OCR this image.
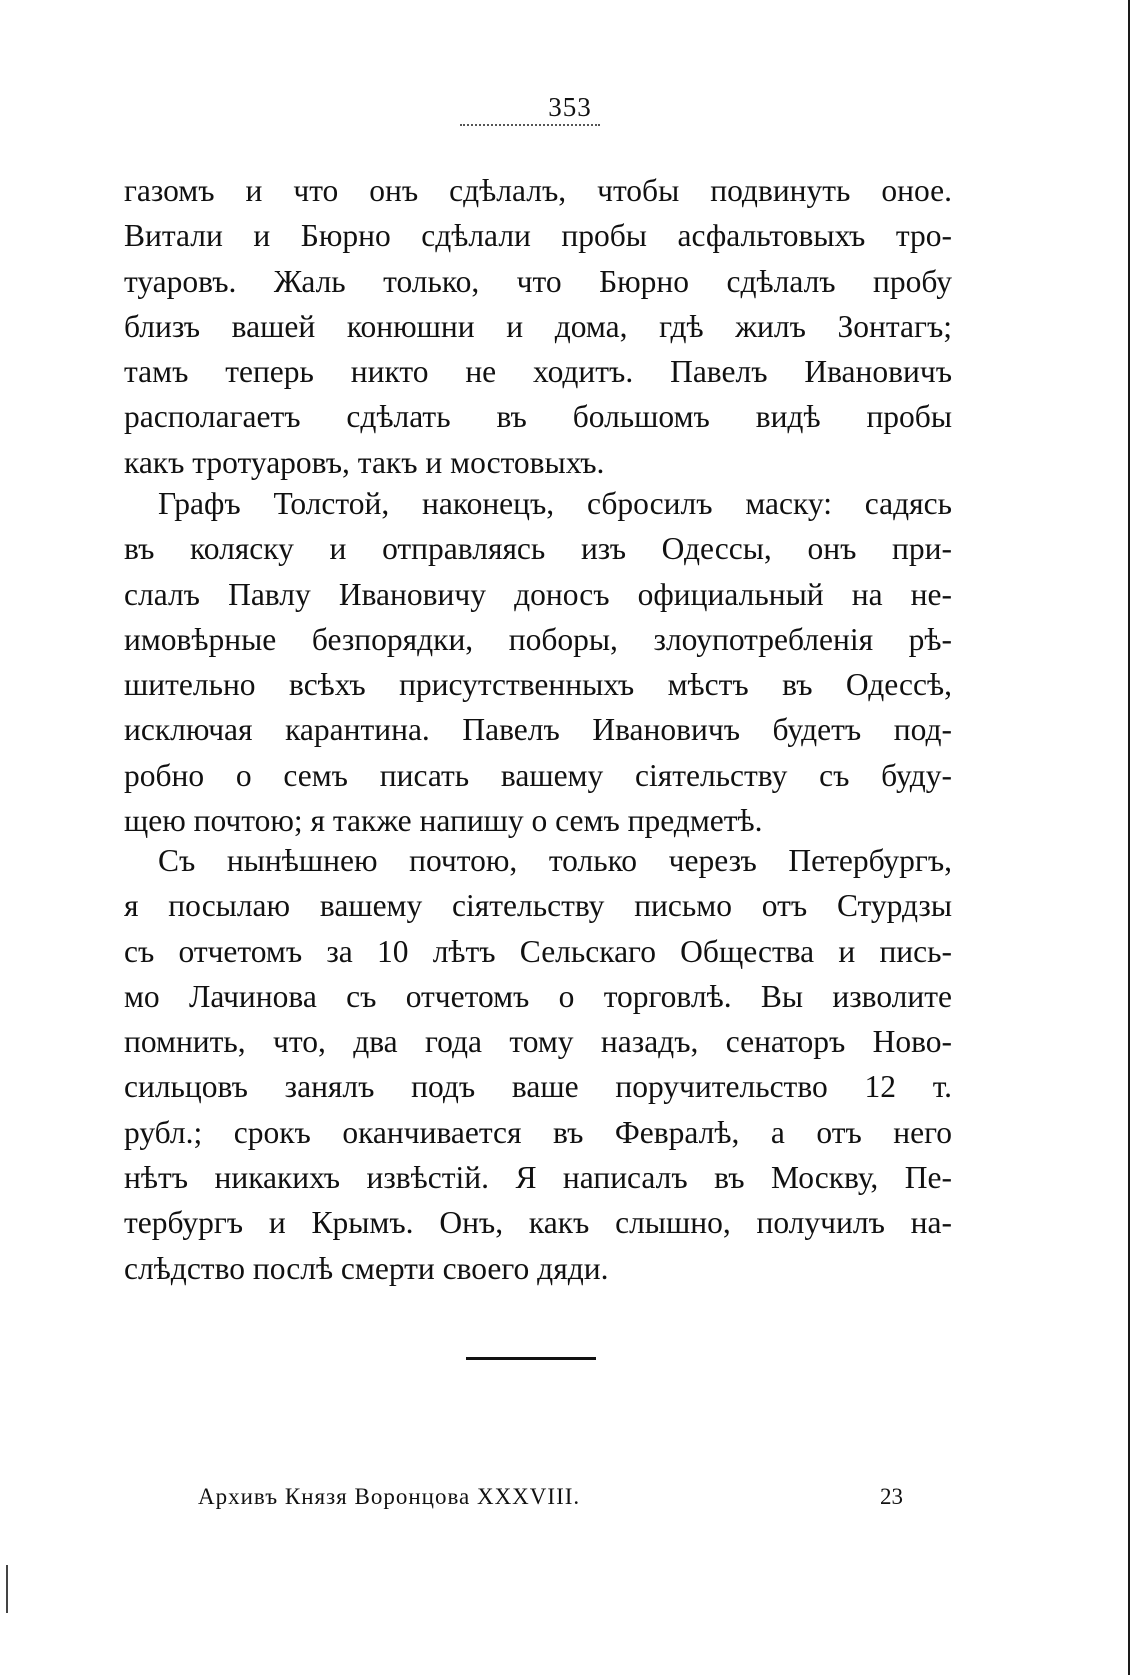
353
газомъ и что онъ сдѣлалъ, чтобы подвинуть оное.
Витали и Бюрно сдѣлали пробы асфальтовыхъ тро-
туаровъ. Жаль только, что Бюрно сдѣлалъ пробу
близъ вашей конюшни и дома, гдѣ жилъ Зонтагъ;
тамъ теперь никто не ходитъ. Павелъ Ивановичъ
располагаетъ сдѣлать въ большомъ видѣ пробы
какъ тротуаровъ, такъ и мостовыхъ.
Графъ Толстой, наконецъ, сбросилъ маску: садясь
въ коляску и отправляясь изъ Одессы, онъ при-
слалъ Павлу Ивановичу доносъ официальный на не-
имовѣрные безпорядки, поборы, злоупотребленія рѣ-
шительно всѣхъ присутственныхъ мѣстъ въ Одессѣ,
исключая карантина. Павелъ Ивановичъ будетъ под-
робно о семъ писать вашему сіятельству съ буду-
щею почтою; я также напишу о семъ предметѣ.
Съ нынѣшнею почтою, только черезъ Петербургъ,
я посылаю вашему сіятельству письмо отъ Стурдзы
съ отчетомъ за 10 лѣтъ Сельскаго Общества и пись-
мо Лачинова съ отчетомъ о торговлѣ. Вы изволите
помнить, что, два года тому назадъ, сенаторъ Ново-
сильцовъ занялъ подъ ваше поручительство 12 т.
рубл.; срокъ оканчивается въ Февралѣ, а отъ него
нѣтъ никакихъ извѣстій. Я написалъ въ Москву, Пе-
тербургъ и Крымъ. Онъ, какъ слышно, получилъ на-
слѣдство послѣ смерти своего дяди.
Архивъ Князя Воронцова XXXVIII.	23
